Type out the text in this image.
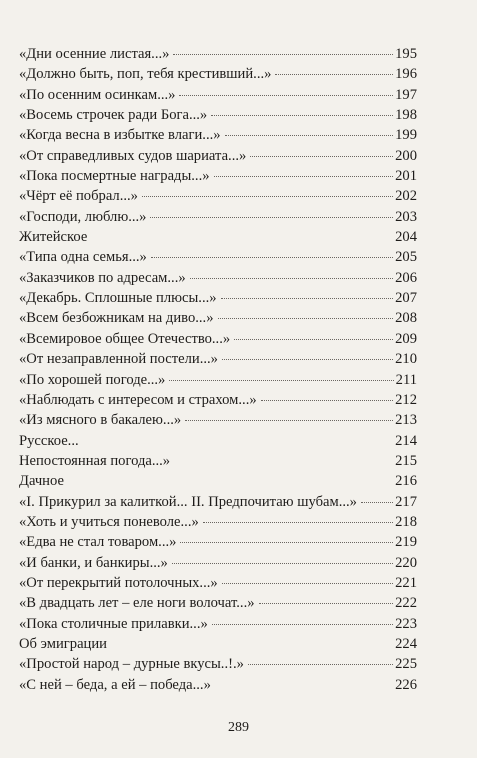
«Дни осенние листая...»	195
«Должно быть, поп, тебя крестивший...»	196
«По осенним осинкам...»	197
«Восемь строчек ради Бога...»	198
«Когда весна в избытке влаги...»	199
«От справедливых судов шариата...»	200
«Пока посмертные награды...»	201
«Чёрт её побрал...»	202
«Господи, люблю...»	203
Житейское	204
«Типа одна семья...»	205
«Заказчиков по адресам...»	206
«Декабрь. Сплошные плюсы...»	207
«Всем безбожникам на диво...»	208
«Всемировое общее Отечество...»	209
«От незаправленной постели...»	210
«По хорошей погоде...»	211
«Наблюдать с интересом и страхом...»	212
«Из мясного в бакалею...»	213
Русское...	214
Непостоянная погода...»	215
Дачное	216
«I. Прикурил за калиткой... II. Предпочитаю шубам...»	217
«Хоть и учиться поневоле...»	218
«Едва не стал товаром...»	219
«И банки, и банкиры...»	220
«От перекрытий потолочных...»	221
«В двадцать лет – еле ноги волочат...»	222
«Пока столичные прилавки...»	223
Об эмиграции	224
«Простой народ – дурные вкусы..!.»	225
«С ней – беда, а ей – победа...»	226
289
